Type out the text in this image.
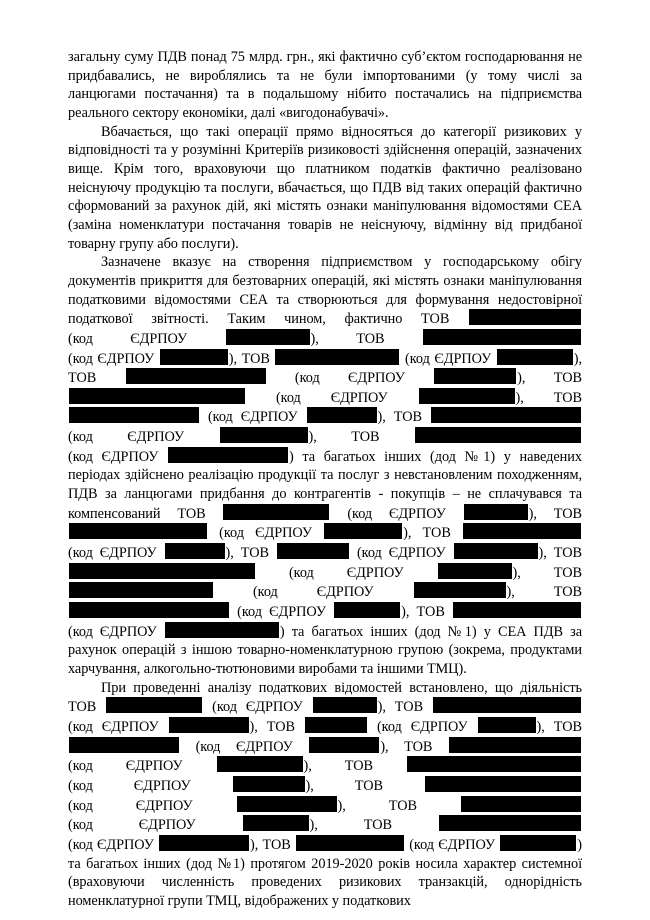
загальну суму ПДВ понад 75 млрд. грн., які фактично суб’єктом господарювання не придбавались, не вироблялись та не були імпортованими (у тому числі за ланцюгами постачання) та в подальшому нібито постачались на підприємства реального сектору економіки, далі «вигодонабувачі».

Вбачається, що такі операції прямо відносяться до категорії ризикових у відповідності та у розумінні Критеріїв ризиковості здійснення операцій, зазначених вище. Крім того, враховуючи що платником податків фактично реалізовано неіснуючу продукцію та послуги, вбачається, що ПДВ від таких операцій фактично сформований за рахунок дій, які містять ознаки маніпулювання відомостями СЕА (заміна номенклатури постачання товарів не неіснуючу, відмінну від придбаної товарну групу або послуги).

Зазначене вказує на створення підприємством у господарському обігу документів прикриття для безтоварних операцій, які містять ознаки маніпулювання податковими відомостями СЕА та створюються для формування недостовірної податкової звітності. Таким чином, фактично ТОВ  (код ЄДРПОУ	),	ТОВ  (код ЄДРПОУ	), ТОВ	(код ЄДРПОУ	), ТОВ	(код ЄДРПОУ	), ТОВ  (код ЄДРПОУ	), ТОВ  (код ЄДРПОУ	), ТОВ  (код ЄДРПОУ	), ТОВ  (код ЄДРПОУ	) та багатьох інших (дод №1) у наведених періодах здійснено реалізацію продукції та послуг з невстановленим походженням, ПДВ за ланцюгами придбання до контрагентів - покупців – не сплачувався та компенсований ТОВ	(код ЄДРПОУ	), ТОВ  (код ЄДРПОУ	), ТОВ  (код ЄДРПОУ	), ТОВ	(код ЄДРПОУ	), ТОВ  (код ЄДРПОУ	), ТОВ  (код ЄДРПОУ	),	ТОВ  (код ЄДРПОУ	), ТОВ  (код ЄДРПОУ	) та багатьох інших (дод №1) у СЕА ПДВ за рахунок операцій з іншою товарно-номенклатурною групою (зокрема, продуктами харчування, алкогольно-тютюновими виробами та іншими ТМЦ).

При проведенні аналізу податкових відомостей встановлено, що діяльність ТОВ	(код ЄДРПОУ	), ТОВ  (код ЄДРПОУ	), ТОВ	(код ЄДРПОУ	), ТОВ  (код ЄДРПОУ	), ТОВ  (код ЄДРПОУ	), ТОВ  (код ЄДРПОУ	),	ТОВ  (код ЄДРПОУ	),	ТОВ  (код ЄДРПОУ	),	ТОВ  (код ЄДРПОУ	), ТОВ	(код ЄДРПОУ	) та багатьох інших (дод №1) протягом 2019-2020 років носила характер системної (враховуючи численність проведених ризикових транзакцій, однорідність номенклатурної групи ТМЦ, відображених у податкових
